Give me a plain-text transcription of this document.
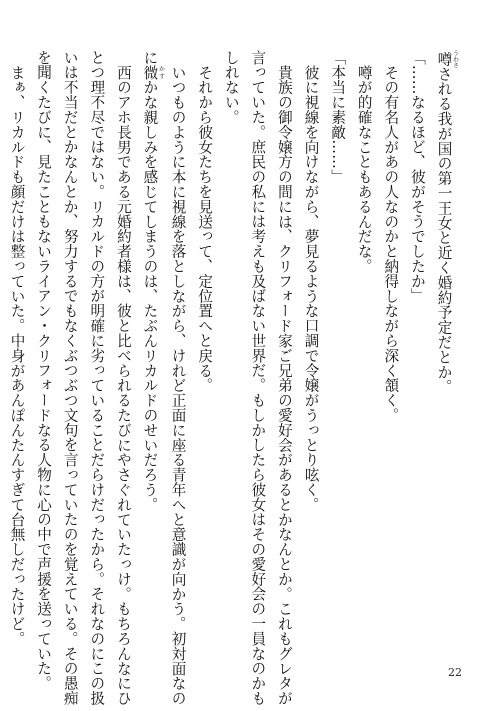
噂 うわさされる我が国の第一王女と近く婚約予定だとか。

「……なるほど、彼がそうでしたか」

その有名人があの人なのかと納得しながら深く頷く。

噂が的確なこともあるんだな。

「本当に素敵……」

彼に視線を向けながら、夢見るような口調で令嬢がうっとり呟く。

貴族の御令嬢方の間には、クリフォード家ご兄弟の愛好会があるとかなんとか。これもグレタが

言っていた。庶民の私には考えも及ばない世界だ。もしかしたら彼女はその愛好会の一員なのかも

しれない。

それから彼女たちを見送って、定位置へと戻る。

いつものように本に視線を落としながら、けれど正面に座る青年へと意識が向かう。初対面なの

に微 かすかな親しみを感じてしまうのは、たぶんリカルドのせいだろう。

西のアホ長男である元婚約者様は、彼と比べられるたびにやさぐれていたっけ。もちろんなにひ

とつ理不尽ではない。リカルドの方が明確に劣っていることだらけだったから。それなのにこの扱

いは不当だとかなんとか、努力するでもなくぶつぶつ文句を言っていたのを覚えている。その愚痴

を聞くたびに、見たこともないライアン・クリフォードなる人物に心の中で声援を送っていた。

まぁ、リカルドも顔だけは整っていた。中身があんぽんたんすぎて台無しだったけど。

22
